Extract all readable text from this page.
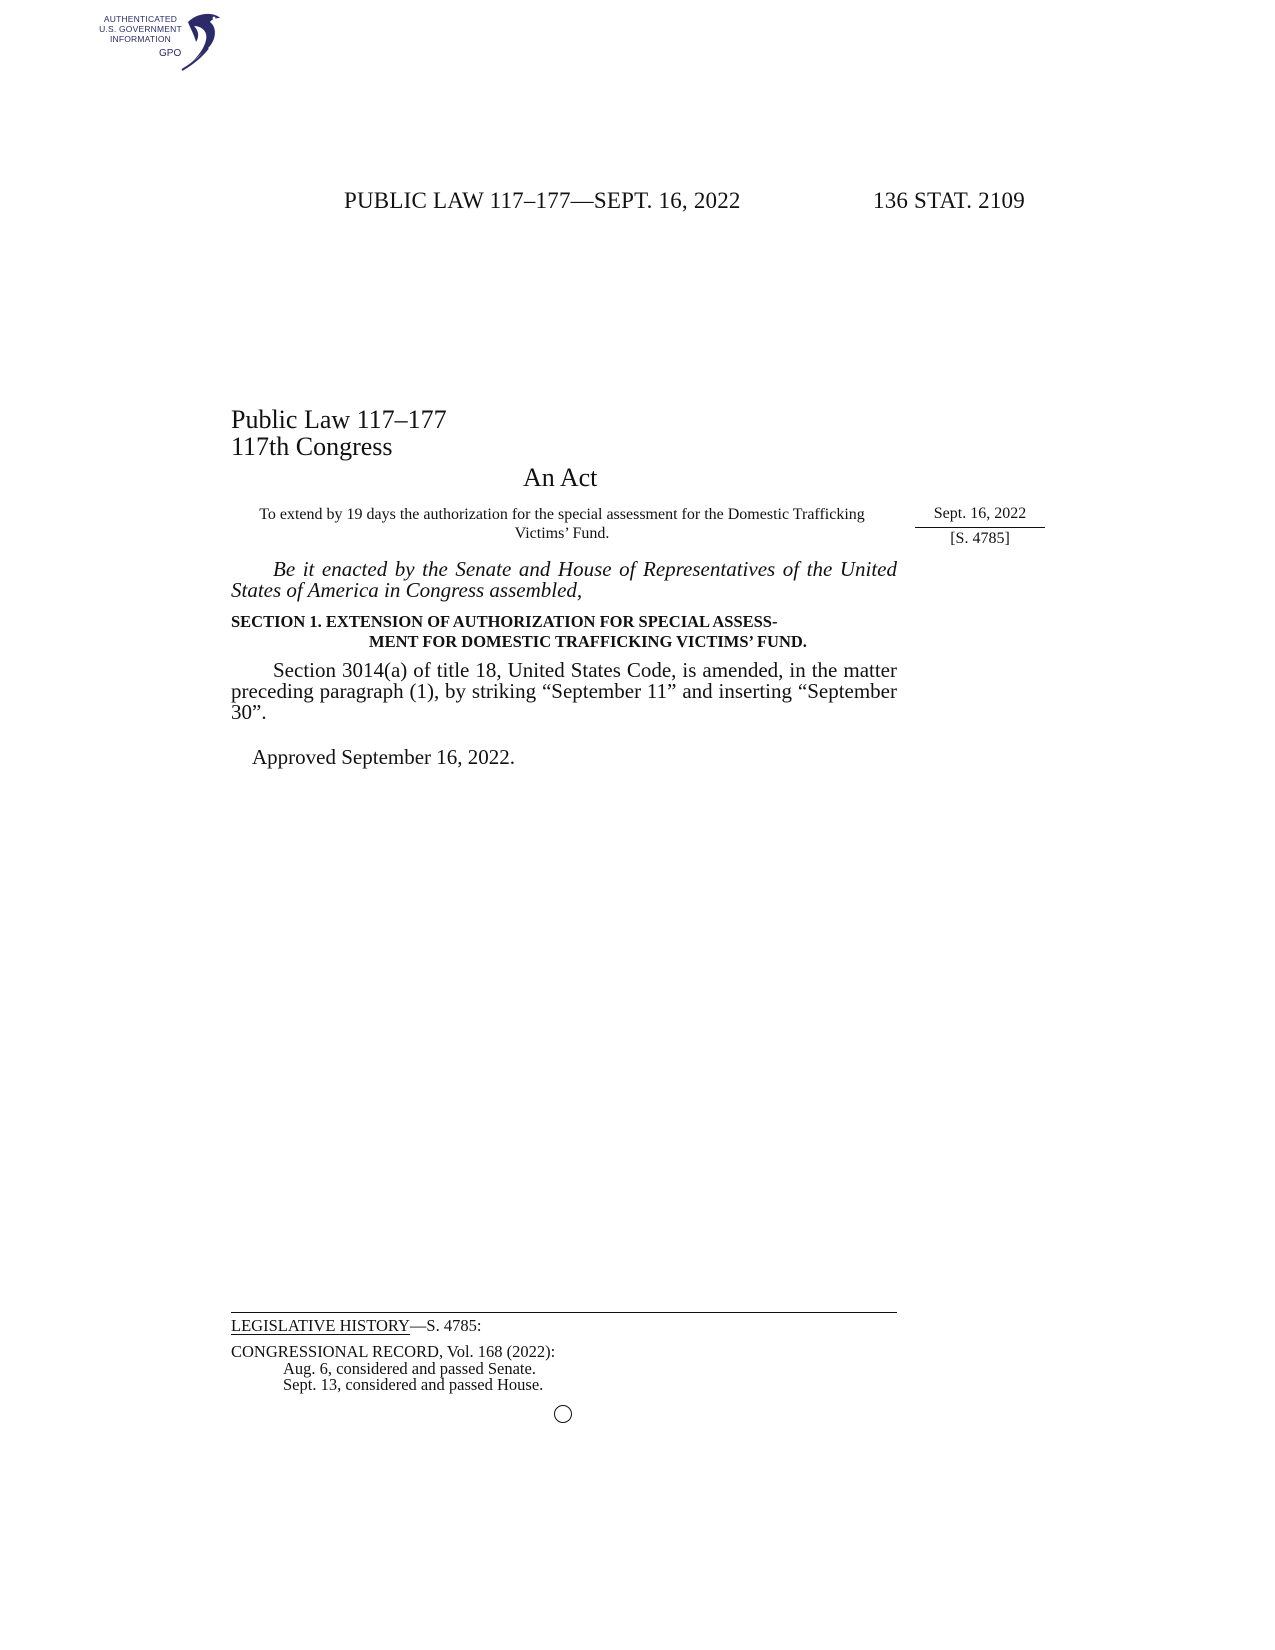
AUTHENTICATED
U.S. GOVERNMENT
INFORMATION
GPO
PUBLIC LAW 117–177—SEPT. 16, 2022	136 STAT. 2109
Public Law 117–177
117th Congress
An Act
To extend by 19 days the authorization for the special assessment for the Domestic Trafficking Victims’ Fund.
Sept. 16, 2022
[S. 4785]
Be it enacted by the Senate and House of Representatives of the United States of America in Congress assembled,
SECTION 1. EXTENSION OF AUTHORIZATION FOR SPECIAL ASSESS-
MENT FOR DOMESTIC TRAFFICKING VICTIMS’ FUND.
Section 3014(a) of title 18, United States Code, is amended, in the matter preceding paragraph (1), by striking “September 11” and inserting “September 30”.
Approved September 16, 2022.
LEGISLATIVE HISTORY—S. 4785:
CONGRESSIONAL RECORD, Vol. 168 (2022):
Aug. 6, considered and passed Senate.
Sept. 13, considered and passed House.
